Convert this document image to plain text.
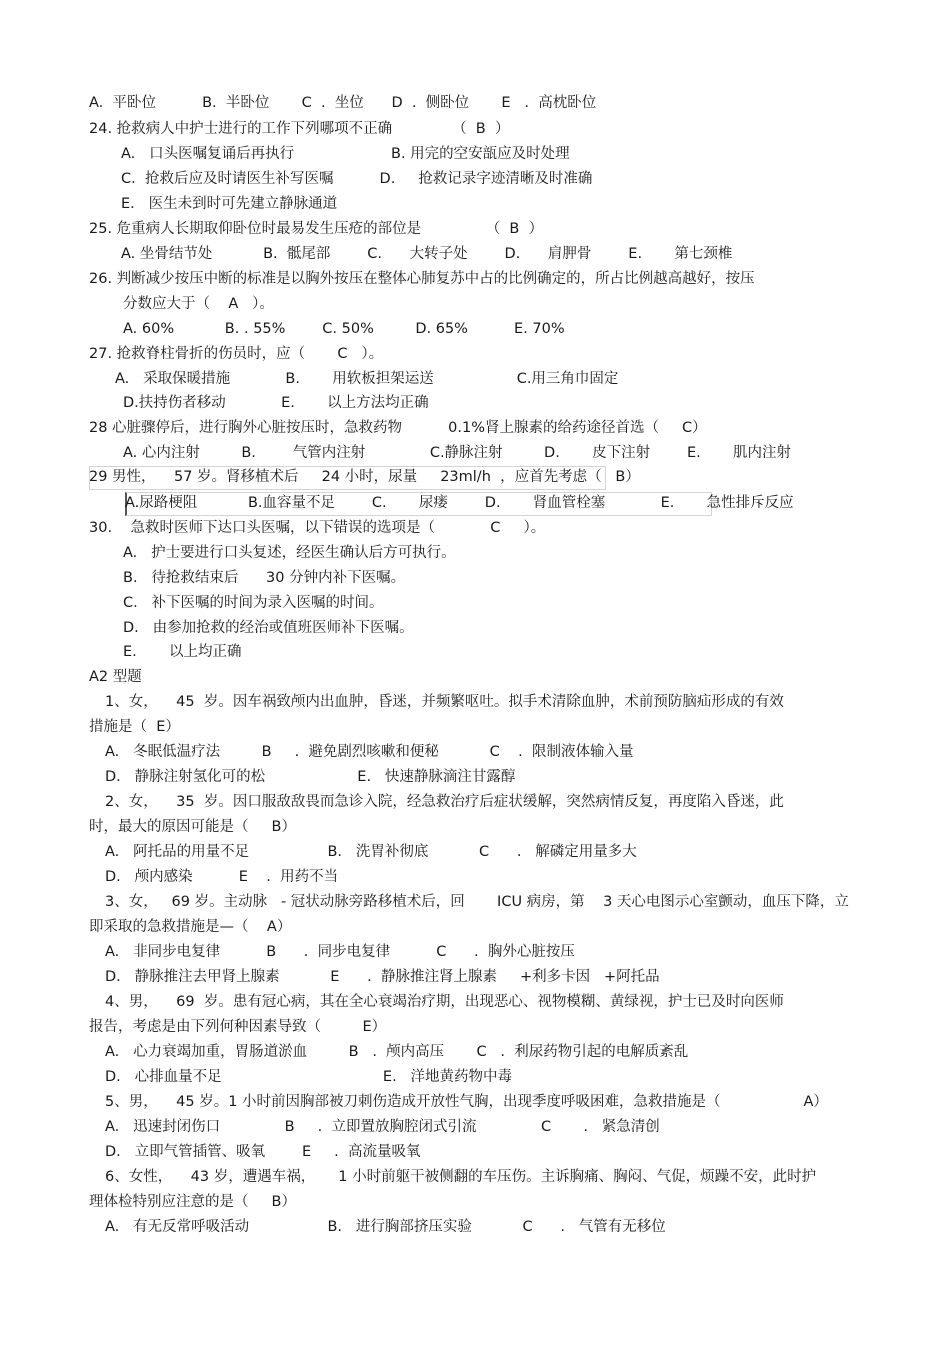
A.  平卧位          B.  半卧位       C  .  坐位      D  .  侧卧位       E   .  高枕卧位
24. 抢救病人中护士进行的工作下列哪项不正确             （  B  ）
A.   口头医嘱复诵后再执行	B. 用完的空安瓿应及时处理
C.  抢救后应及时请医生补写医嘱          D.     抢救记录字迹清晰及时准确
E.   医生未到时可先建立静脉通道
25. 危重病人长期取仰卧位时最易发生压疮的部位是              （  B  ）
A. 坐骨结节处           B.  骶尾部        C.      大转子处        D.      肩胛骨        E.       第七颈椎
26. 判断减少按压中断的标准是以胸外按压在整体心肺复苏中占的比例确定的，所占比例越高越好，按压
分数应大于（    A   ）。
A. 60%           B. . 55%        C. 50%         D. 65%          E. 70%
27. 抢救脊柱骨折的伤员时，应（       C   ）。
A.   采取保暖措施            B.       用软板担架运送                  C.用三角巾固定
D.扶持伤者移动            E.       以上方法均正确
28 心脏骤停后，进行胸外心脏按压时，急救药物          0.1%肾上腺素的给药途径首选（     C）
A. 心内注射         B.        气管内注射              C.静脉注射         D.       皮下注射        E.       肌内注射
29 男性，    57 岁。肾移植术后     24 小时，尿量     23ml/h  ，应首先考虑（   B）
A.尿路梗阻           B.血容量不足        C.       尿瘘        D.       肾血管栓塞            E.       急性排斥反应
30.    急救时医师下达口头医嘱，以下错误的选项是（            C     ）。
A.   护士要进行口头复述，经医生确认后方可执行。
B.   待抢救结束后      30 分钟内补下医嘱。
C.   补下医嘱的时间为录入医嘱的时间。
D.   由参加抢救的经治或值班医师补下医嘱。
E.       以上均正确
A2 型题
1、女，    45  岁。因车祸致颅内出血肿，昏迷，并频繁呕吐。拟手术清除血肿，术前预防脑疝形成的有效
措施是（  E）
A.   冬眠低温疗法         B     .  避免剧烈咳嗽和便秘           C    .  限制液体输入量
D.   静脉注射氢化可的松                    E.   快速静脉滴注甘露醇
2、女，    35  岁。因口服敌敌畏而急诊入院，经急救治疗后症状缓解，突然病情反复，再度陷入昏迷，此
时，最大的原因可能是（     B）
A.   阿托品的用量不足                 B.   洗胃补彻底           C      .   解磷定用量多大
D.   颅内感染          E    .  用药不当
3、女，   69 岁。主动脉   - 冠状动脉旁路移植术后，回       ICU 病房，第    3 天心电图示心室颤动，血压下降，立
即采取的急救措施是—（    A）
A.   非同步电复律          B      .  同步电复律          C      .  胸外心脏按压
D.   静脉推注去甲肾上腺素           E      .  静脉推注肾上腺素     +利多卡因   +阿托品
4、男，    69  岁。患有冠心病，其在全心衰竭治疗期，出现恶心、视物模糊、黄绿视，护士已及时向医师
报告，考虑是由下列何种因素导致（         E）
A.   心力衰竭加重，胃肠道淤血         B   .  颅内高压       C   .  利尿药物引起的电解质紊乱
D.   心排血量不足                                   E.   洋地黄药物中毒
5、男，    45 岁。1 小时前因胸部被刀刺伤造成开放性气胸，出现季度呼吸困难，急救措施是（                  A）
A.   迅速封闭伤口              B     .  立即置放胸腔闭式引流              C       .   紧急清创
D.   立即气管插管、吸氧        E     .  高流量吸氧
6、女性，    43 岁，遭遇车祸，     1 小时前躯干被侧翻的车压伤。主诉胸痛、胸闷、气促，烦躁不安，此时护
理体检特别应注意的是（     B）
A.   有无反常呼吸活动                 B.   进行胸部挤压实验           C      .   气管有无移位
